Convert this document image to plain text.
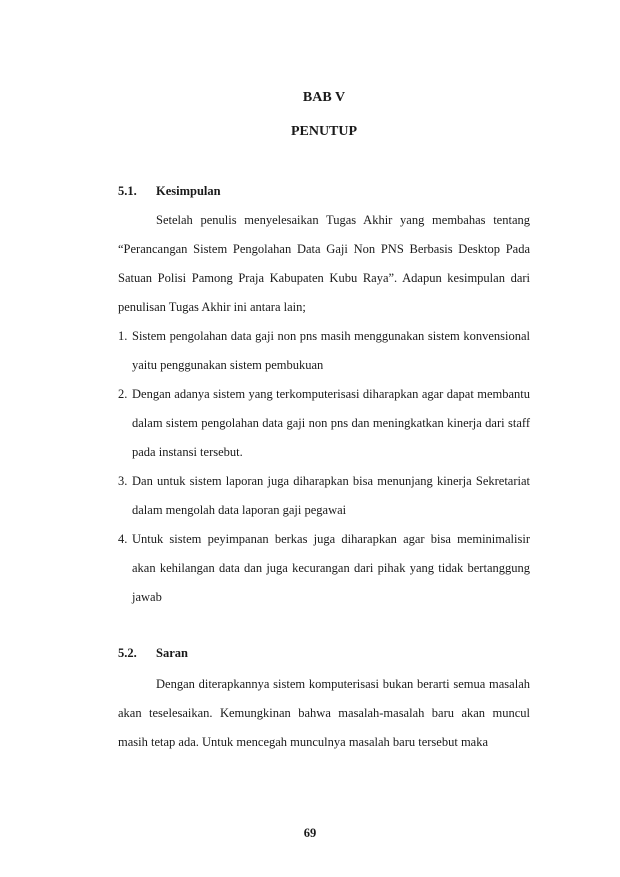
BAB V
PENUTUP
5.1. Kesimpulan

Setelah penulis menyelesaikan Tugas Akhir yang membahas tentang “Perancangan Sistem Pengolahan Data Gaji Non PNS Berbasis Desktop Pada Satuan Polisi Pamong Praja Kabupaten Kubu Raya”. Adapun kesimpulan dari penulisan Tugas Akhir ini antara lain;

1. Sistem pengolahan data gaji non pns masih menggunakan sistem konvensional yaitu penggunakan sistem pembukuan
2. Dengan adanya sistem yang terkomputerisasi diharapkan agar dapat membantu dalam sistem pengolahan data gaji non pns dan meningkatkan kinerja dari staff pada instansi tersebut.
3. Dan untuk sistem laporan juga diharapkan bisa menunjang kinerja Sekretariat dalam mengolah data laporan gaji pegawai
4. Untuk sistem peyimpanan berkas juga diharapkan agar bisa meminimalisir akan kehilangan data dan juga kecurangan dari pihak yang tidak bertanggung jawab
5.2. Saran

Dengan diterapkannya sistem komputerisasi bukan berarti semua masalah akan teselesaikan. Kemungkinan bahwa masalah-masalah baru akan muncul masih tetap ada. Untuk mencegah munculnya masalah baru tersebut maka

69
